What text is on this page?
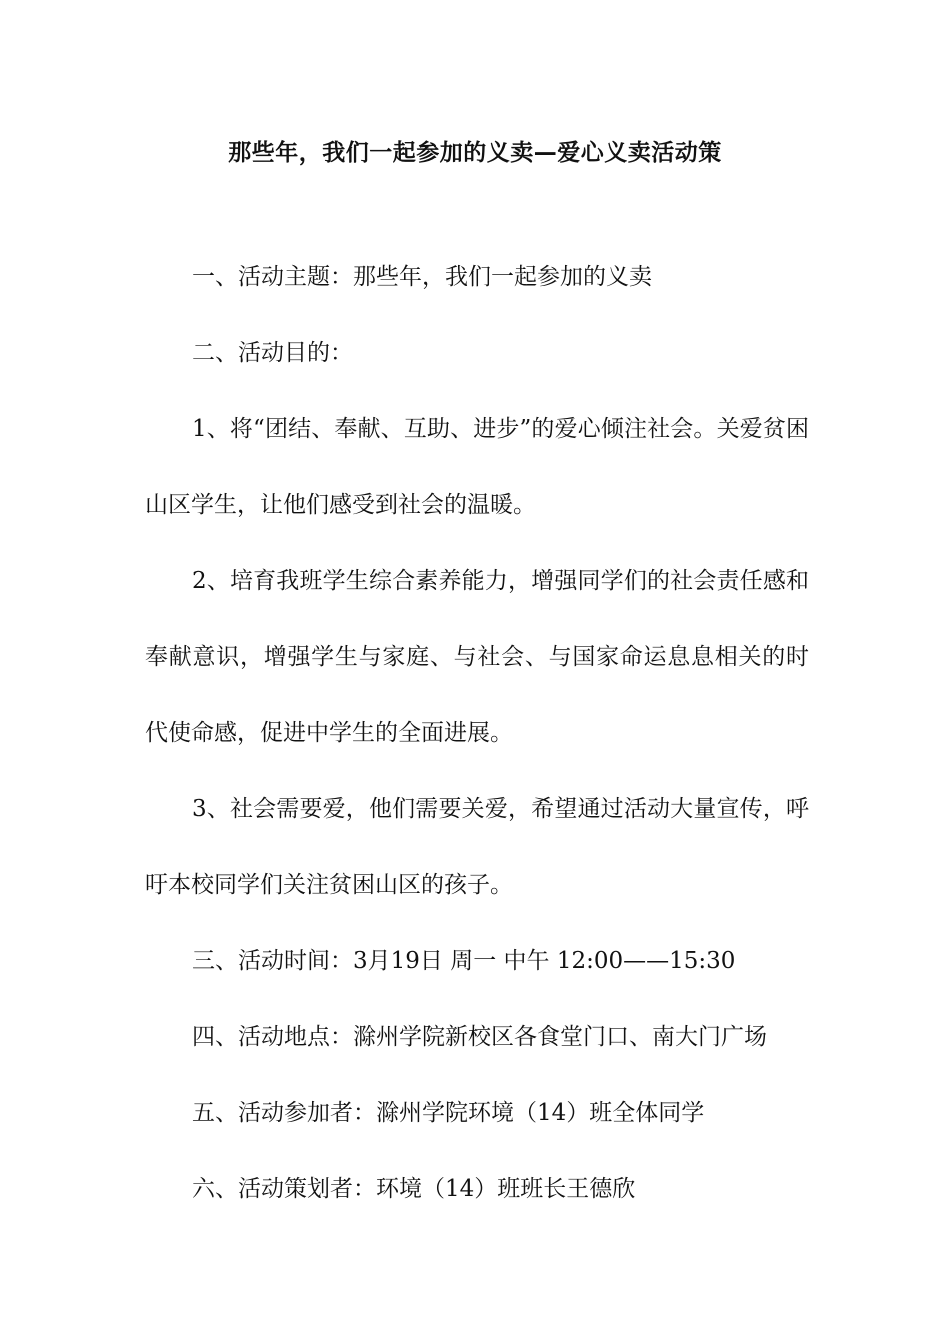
那些年，我们一起参加的义卖—爱心义卖活动策

一、活动主题：那些年，我们一起参加的义卖

二、活动目的：

1、将“团结、奉献、互助、进步”的爱心倾注社会。关爱贫困山区学生，让他们感受到社会的温暖。

2、培育我班学生综合素养能力，增强同学们的社会责任感和奉献意识，增强学生与家庭、与社会、与国家命运息息相关的时代使命感，促进中学生的全面进展。

3、社会需要爱，他们需要关爱，希望通过活动大量宣传，呼吁本校同学们关注贫困山区的孩子。

三、活动时间：3月19日 周一 中午 12:00——15:30

四、活动地点：滁州学院新校区各食堂门口、南大门广场

五、活动参加者：滁州学院环境（14）班全体同学

六、活动策划者：环境（14）班班长王德欣
